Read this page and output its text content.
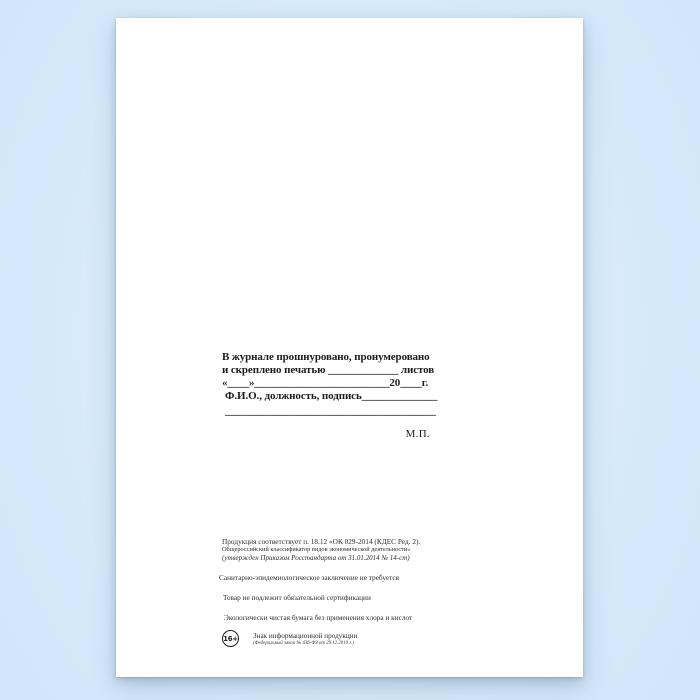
В журнале прошнуровано, пронумеровано
и скреплено печатью _____________ листов
«____»_________________________20____г.
Ф.И.О., должность, подпись______________
_______________________________________
М.П.

Продукция соответствует п. 18.12 «ОК 029-2014 (КДЕС Ред. 2).

Общероссийский классификатор видов экономической деятельности»

(утвержден Приказом Росстандарта от 31.01.2014 № 14-ст)

Санитарно-эпидемиологическое заключение не требуется

Товар не подлежит обязательной сертификации

Экологически чистая бумага без применения хлора и кислот

16+ Знак информационной продукции
(Федеральный закон № 436-ФЗ от 29.12.2010 г.)
